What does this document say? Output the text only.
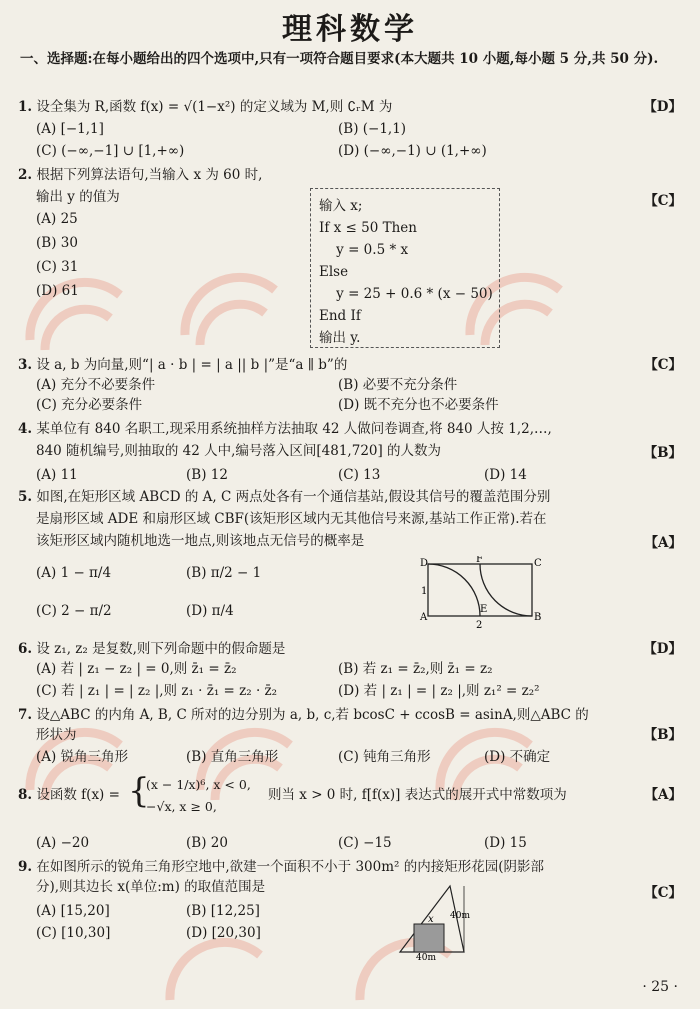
理科数学
一、选择题:在每小题给出的四个选项中,只有一项符合题目要求(本大题共 10 小题,每小题 5 分,共 50 分).
1. 设全集为 R,函数 f(x) = √(1−x²) 的定义域为 M,则 ∁ᵣM 为	【D】
(A) [−1,1]	(B) (−1,1)
(C) (−∞,−1] ∪ [1,+∞)	(D) (−∞,−1) ∪ (1,+∞)
2. 根据下列算法语句,当输入 x 为 60 时,
输出 y 的值为	【C】
(A) 25
(B) 30
(C) 31
(D) 61
输入 x;
If x ≤ 50 Then
y = 0.5 * x
Else
y = 25 + 0.6 * (x − 50)
End If
输出 y.
3. 设 a, b 为向量,则“| a · b | = | a || b |”是“a ∥ b”的	【C】
(A) 充分不必要条件	(B) 必要不充分条件
(C) 充分必要条件	(D) 既不充分也不必要条件
4. 某单位有 840 名职工,现采用系统抽样方法抽取 42 人做问卷调查,将 840 人按 1,2,…,
840 随机编号,则抽取的 42 人中,编号落入区间[481,720] 的人数为	【B】
(A) 11	(B) 12	(C) 13	(D) 14
5. 如图,在矩形区域 ABCD 的 A, C 两点处各有一个通信基站,假设其信号的覆盖范围分别
是扇形区域 ADE 和扇形区域 CBF(该矩形区域内无其他信号来源,基站工作正常).若在
该矩形区域内随机地选一地点,则该地点无信号的概率是	【A】
(A) 1 − π/4	(B) π/2 − 1
(C) 2 − π/2	(D) π/4
D	F	C
A
E
B
1
2
6. 设 z₁, z₂ 是复数,则下列命题中的假命题是	【D】
(A) 若 | z₁ − z₂ | = 0,则 z̄₁ = z̄₂	(B) 若 z₁ = z̄₂,则 z̄₁ = z₂
(C) 若 | z₁ | = | z₂ |,则 z₁ · z̄₁ = z₂ · z̄₂	(D) 若 | z₁ | = | z₂ |,则 z₁² = z₂²
7. 设△ABC 的内角 A, B, C 所对的边分别为 a, b, c,若 bcosC + ccosB = asinA,则△ABC 的
形状为	【B】
(A) 锐角三角形	(B) 直角三角形	(C) 钝角三角形	(D) 不确定
8. 设函数 f(x) = {
(x − 1/x)⁶, x < 0,
−√x, x ≥ 0,
则当 x > 0 时, f[f(x)] 表达式的展开式中常数项为	【A】
(A) −20	(B) 20	(C) −15	(D) 15
9. 在如图所示的锐角三角形空地中,欲建一个面积不小于 300m² 的内接矩形花园(阴影部
分),则其边长 x(单位:m) 的取值范围是	【C】
(A) [15,20]	(B) [12,25]
(C) [10,30]	(D) [20,30]
x 40m
40m
· 25 ·
